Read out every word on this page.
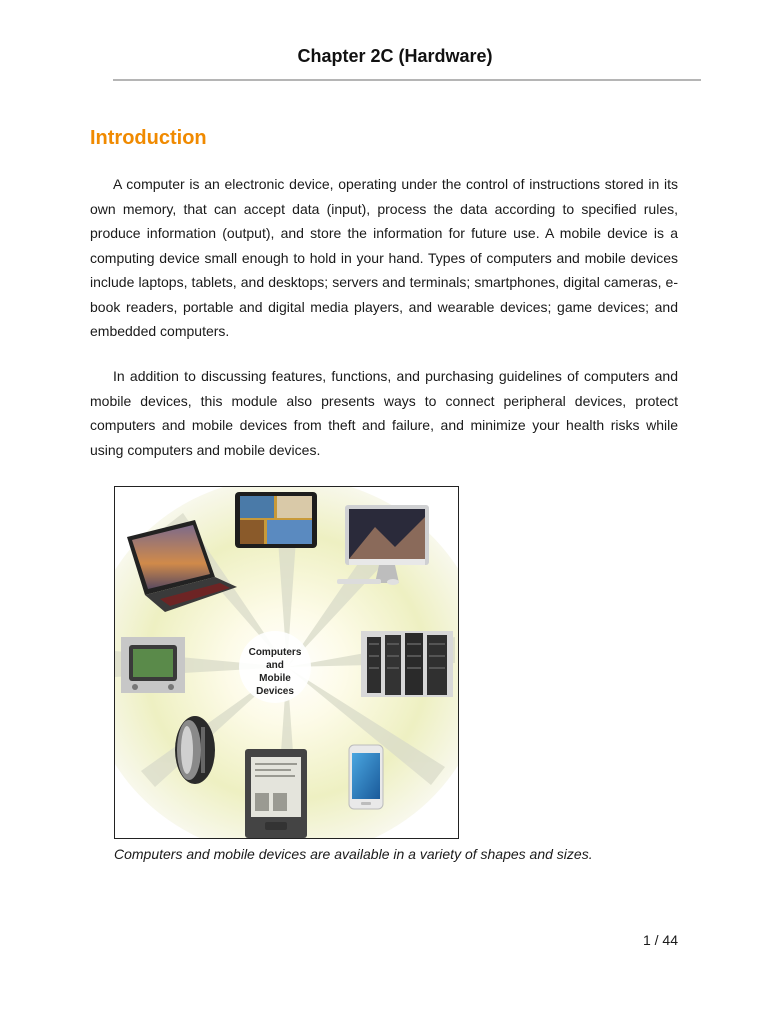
Chapter 2C (Hardware)
Introduction

A computer is an electronic device, operating under the control of instructions stored in its own memory, that can accept data (input), process the data according to specified rules, produce information (output), and store the information for future use. A mobile device is a computing device small enough to hold in your hand. Types of computers and mobile devices include laptops, tablets, and desktops; servers and terminals; smartphones, digital cameras, e-book readers, portable and digital media players, and wearable devices; game devices; and embedded computers.

In addition to discussing features, functions, and purchasing guidelines of computers and mobile devices, this module also presents ways to connect peripheral devices, protect computers and mobile devices from theft and failure, and minimize your health risks while using computers and mobile devices.

Computers
and
Mobile
Devices
Computers and mobile devices are available in a variety of shapes and sizes.
1 / 44
